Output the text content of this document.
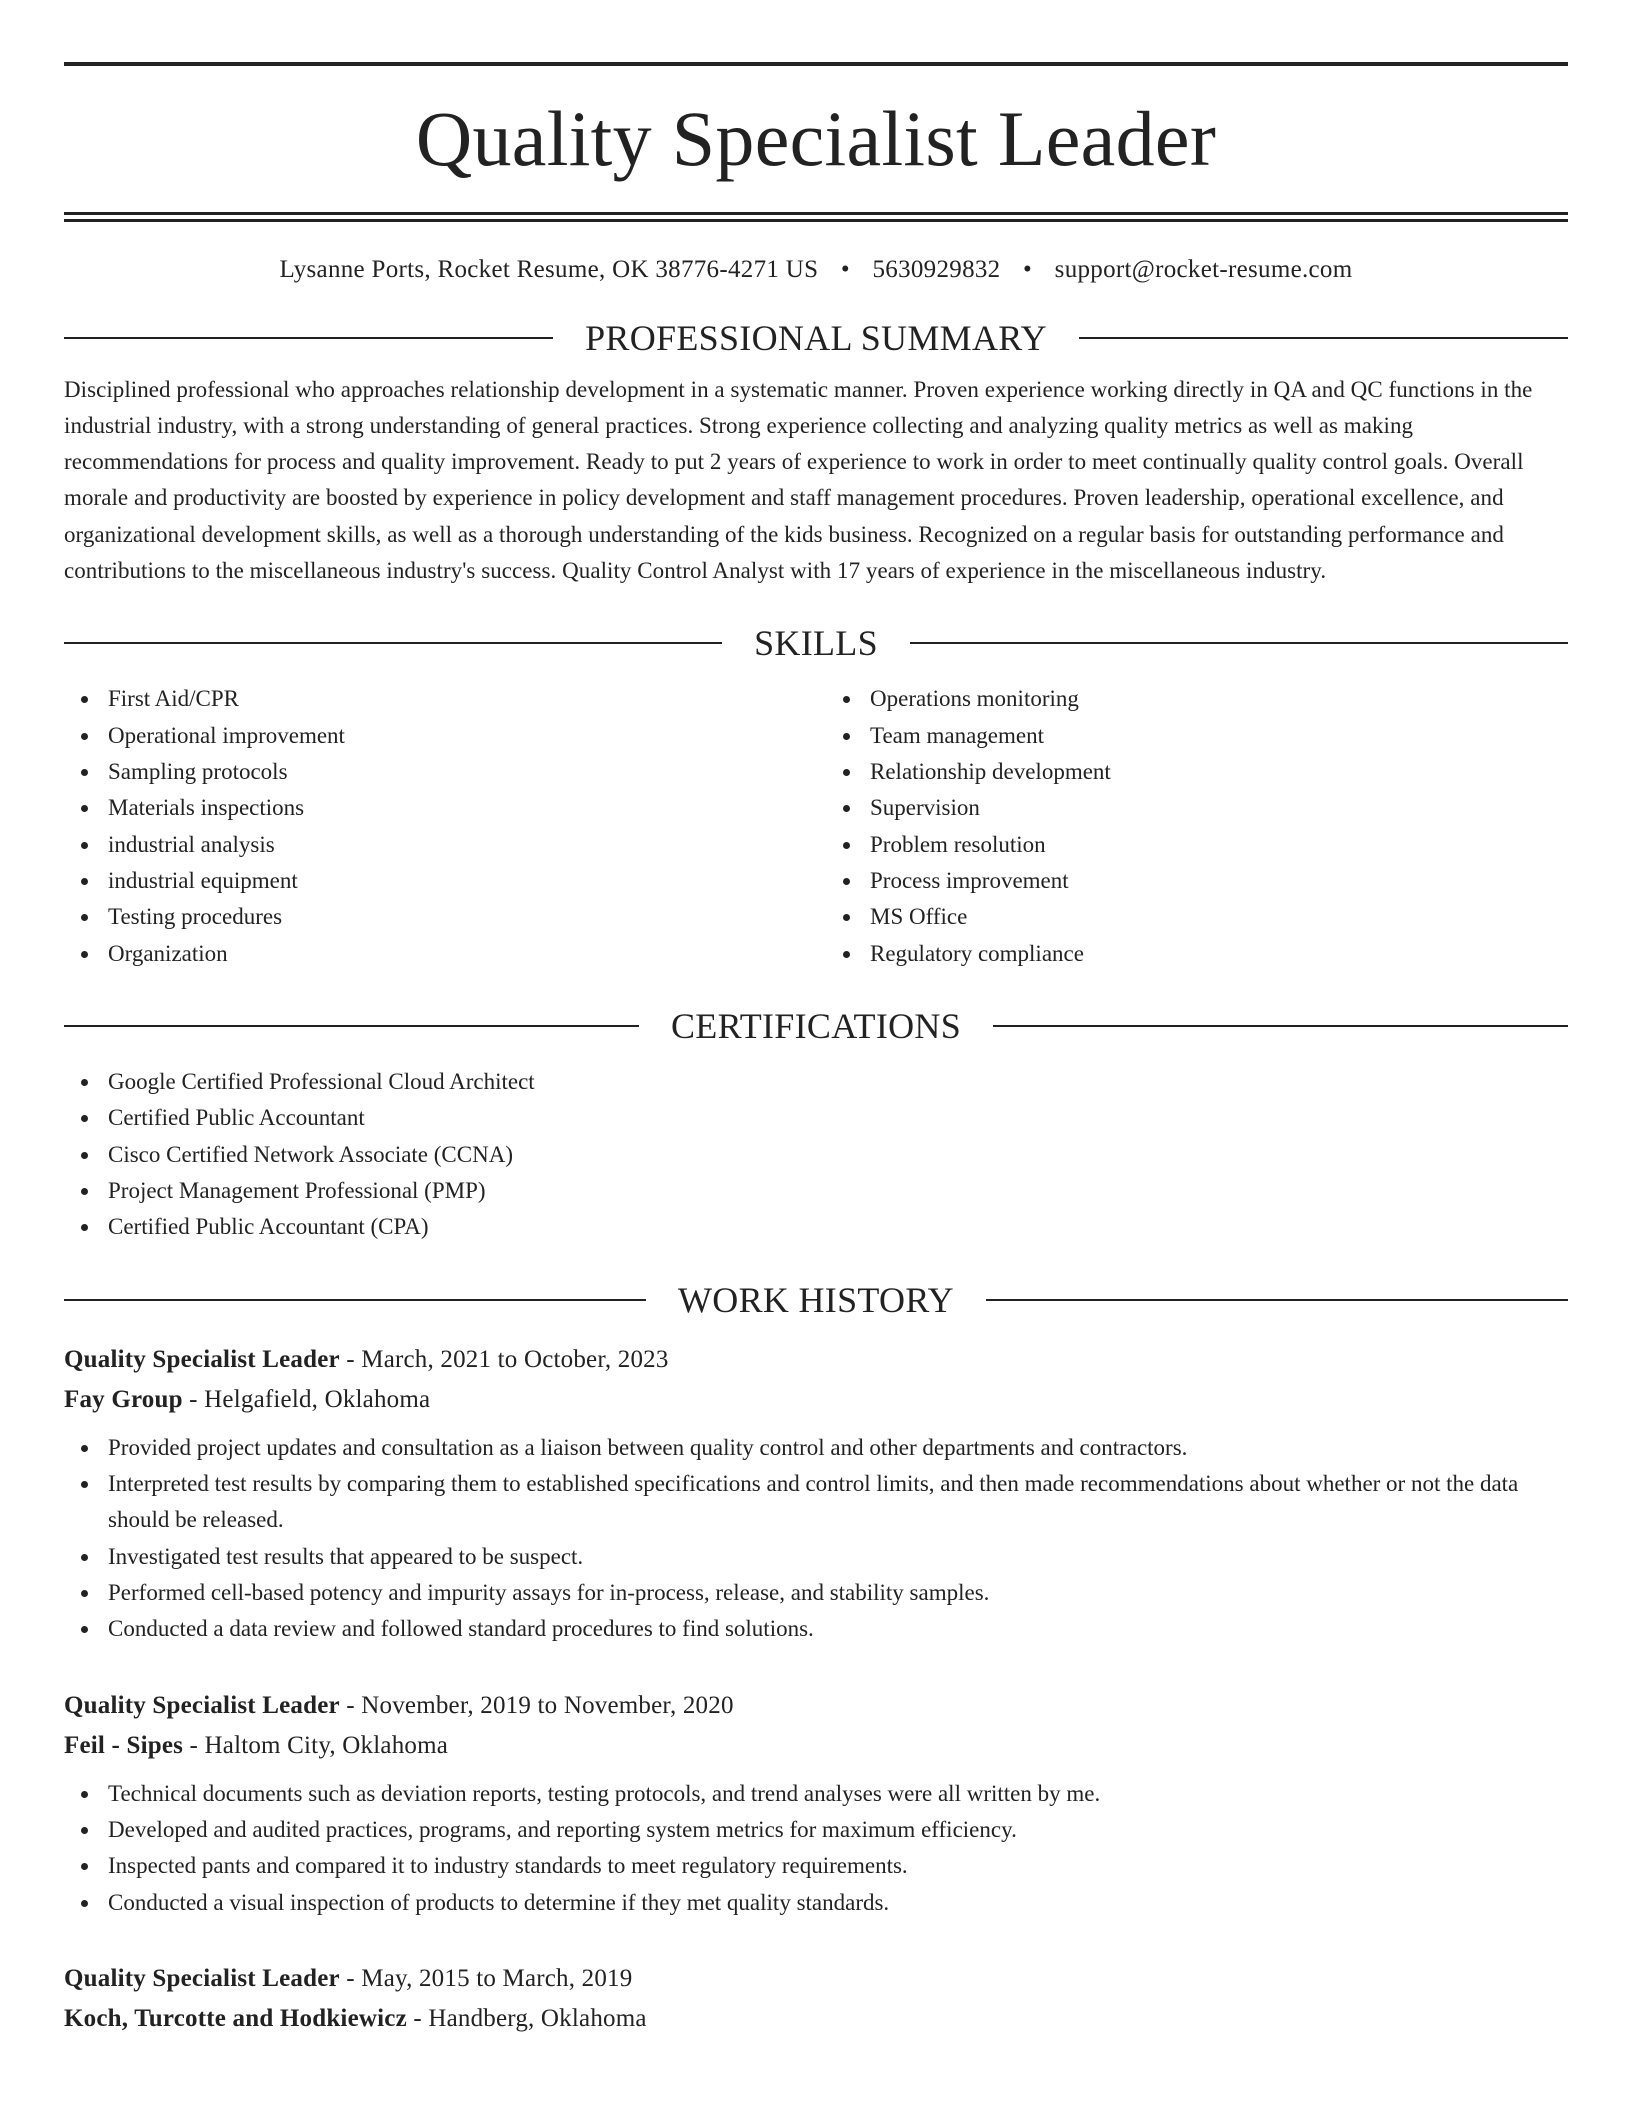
Quality Specialist Leader
Lysanne Ports, Rocket Resume, OK 38776-4271 US • 5630929832 • support@rocket-resume.com
PROFESSIONAL SUMMARY
Disciplined professional who approaches relationship development in a systematic manner. Proven experience working directly in QA and QC functions in the industrial industry, with a strong understanding of general practices. Strong experience collecting and analyzing quality metrics as well as making recommendations for process and quality improvement. Ready to put 2 years of experience to work in order to meet continually quality control goals. Overall morale and productivity are boosted by experience in policy development and staff management procedures. Proven leadership, operational excellence, and organizational development skills, as well as a thorough understanding of the kids business. Recognized on a regular basis for outstanding performance and contributions to the miscellaneous industry's success. Quality Control Analyst with 17 years of experience in the miscellaneous industry.
SKILLS
First Aid/CPR
Operational improvement
Sampling protocols
Materials inspections
industrial analysis
industrial equipment
Testing procedures
Organization
Operations monitoring
Team management
Relationship development
Supervision
Problem resolution
Process improvement
MS Office
Regulatory compliance
CERTIFICATIONS
Google Certified Professional Cloud Architect
Certified Public Accountant
Cisco Certified Network Associate (CCNA)
Project Management Professional (PMP)
Certified Public Accountant (CPA)
WORK HISTORY
Quality Specialist Leader - March, 2021 to October, 2023
Fay Group - Helgafield, Oklahoma
Provided project updates and consultation as a liaison between quality control and other departments and contractors.
Interpreted test results by comparing them to established specifications and control limits, and then made recommendations about whether or not the data should be released.
Investigated test results that appeared to be suspect.
Performed cell-based potency and impurity assays for in-process, release, and stability samples.
Conducted a data review and followed standard procedures to find solutions.
Quality Specialist Leader - November, 2019 to November, 2020
Feil - Sipes - Haltom City, Oklahoma
Technical documents such as deviation reports, testing protocols, and trend analyses were all written by me.
Developed and audited practices, programs, and reporting system metrics for maximum efficiency.
Inspected pants and compared it to industry standards to meet regulatory requirements.
Conducted a visual inspection of products to determine if they met quality standards.
Quality Specialist Leader - May, 2015 to March, 2019
Koch, Turcotte and Hodkiewicz - Handberg, Oklahoma
